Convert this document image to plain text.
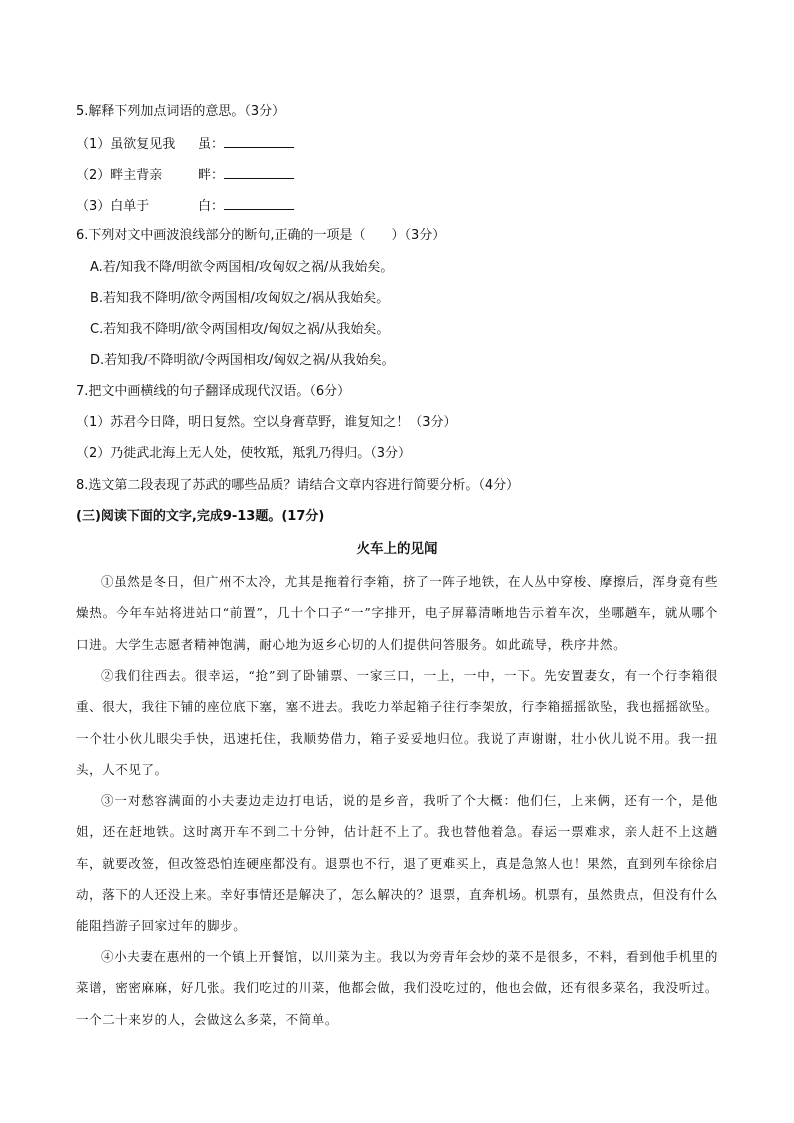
5.解释下列加点词语的意思。（3分）
（1）虽欲复见我 虽：
（2）畔主背亲	畔：
（3）白单于	白：
6.下列对文中画波浪线部分的断句,正确的一项是（　　）（3分）
A.若/知我不降/明欲令两国相/攻匈奴之祸/从我始矣。
B.若知我不降明/欲令两国相/攻匈奴之/祸从我始矣。
C.若知我不降明/欲令两国相攻/匈奴之祸/从我始矣。
D.若知我/不降明欲/令两国相攻/匈奴之祸/从我始矣。
7.把文中画横线的句子翻译成现代汉语。（6分）
（1）苏君今日降，明日复然。空以身膏草野，谁复知之！（3分）
（2）乃徙武北海上无人处，使牧羝，羝乳乃得归。（3分）
8.选文第二段表现了苏武的哪些品质？请结合文章内容进行简要分析。（4分）
(三)阅读下面的文字,完成9-13题。(17分)
火车上的见闻
①虽然是冬日，但广州不太冷，尤其是拖着行李箱，挤了一阵子地铁，在人丛中穿梭、摩擦后，浑身竟有些燥热。今年车站将进站口“前置”，几十个口子“一”字排开，电子屏幕清晰地告示着车次，坐哪趟车，就从哪个口进。大学生志愿者精神饱满，耐心地为返乡心切的人们提供问答服务。如此疏导，秩序井然。
②我们往西去。很幸运，“抢”到了卧铺票、一家三口，一上，一中，一下。先安置妻女，有一个行李箱很重、很大，我往下铺的座位底下塞，塞不进去。我吃力举起箱子往行李架放，行李箱摇摇欲坠，我也摇摇欲坠。一个壮小伙儿眼尖手快，迅速托住，我顺势借力，箱子妥妥地归位。我说了声谢谢，壮小伙儿说不用。我一扭头，人不见了。
③一对愁容满面的小夫妻边走边打电话，说的是乡音，我听了个大概：他们仨，上来俩，还有一个，是他姐，还在赶地铁。这时离开车不到二十分钟，估计赶不上了。我也替他着急。春运一票难求，亲人赶不上这趟车，就要改签，但改签恐怕连硬座都没有。退票也不行，退了更难买上，真是急煞人也！果然，直到列车徐徐启动，落下的人还没上来。幸好事情还是解决了，怎么解决的？退票，直奔机场。机票有，虽然贵点，但没有什么能阻挡游子回家过年的脚步。
④小夫妻在惠州的一个镇上开餐馆，以川菜为主。我以为旁青年会炒的菜不是很多，不料，看到他手机里的菜谱，密密麻麻，好几张。我们吃过的川菜，他都会做，我们没吃过的，他也会做，还有很多菜名，我没听过。一个二十来岁的人，会做这么多菜，不简单。
